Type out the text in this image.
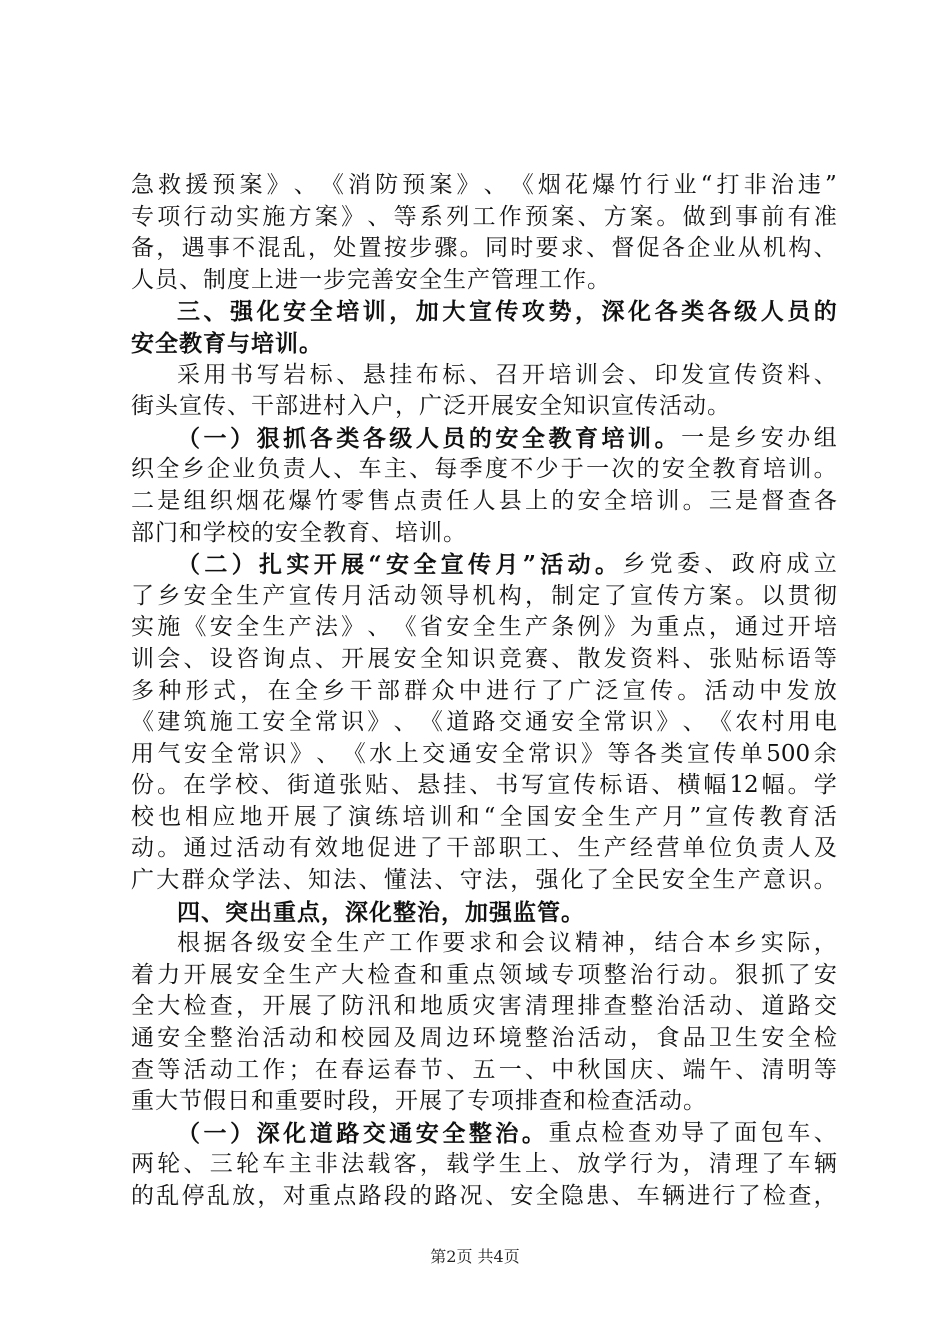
急 救 援 预 案 》 、 《 消 防 预 案 》 、 《 烟 花 爆 竹 行 业 “ 打 非 治 违 ”
专 项 行 动 实 施 方 案 》 、 等 系 列 工 作 预 案 、 方 案 。 做 到 事 前 有 准
备 ， 遇 事 不 混 乱 ， 处 置 按 步 骤 。 同 时 要 求 、 督 促 各 企 业 从 机 构 、
人员、制度上进一步完善安全生产管理工作。
三 、 强 化 安 全 培 训 ， 加 大 宣 传 攻 势 ， 深 化 各 类 各 级 人 员 的
安全教育与培训。
采 用 书 写 岩 标 、 悬 挂 布 标 、 召 开 培 训 会 、 印 发 宣 传 资 料 、
街头宣传、干部进村入户，广泛开展安全知识宣传活动。
（ 一 ） 狠 抓 各 类 各 级 人 员 的 安 全 教 育 培 训 。 一 是 乡 安 办 组
织 全 乡 企 业 负 责 人 、 车 主 、 每 季 度 不 少 于 一 次 的 安 全 教 育 培 训 。
二 是 组 织 烟 花 爆 竹 零 售 点 责 任 人 县 上 的 安 全 培 训 。 三 是 督 查 各
部门和学校的安全教育、培训。
（ 二 ） 扎 实 开 展 “ 安 全 宣 传 月 ” 活 动 。 乡 党 委 、 政 府 成 立
了 乡 安 全 生 产 宣 传 月 活 动 领 导 机 构 ， 制 定 了 宣 传 方 案 。 以 贯 彻
实 施 《 安 全 生 产 法 》 、 《 省 安 全 生 产 条 例 》 为 重 点 ， 通 过 开 培
训 会 、 设 咨 询 点 、 开 展 安 全 知 识 竞 赛 、 散 发 资 料 、 张 贴 标 语 等
多 种 形 式 ， 在 全 乡 干 部 群 众 中 进 行 了 广 泛 宣 传 。 活 动 中 发 放
《 建 筑 施 工 安 全 常 识 》 、 《 道 路 交 通 安 全 常 识 》 、 《 农 村 用 电
用 气 安 全 常 识 》 、 《 水 上 交 通 安 全 常 识 》 等 各 类 宣 传 单 500 余
份 。 在 学 校 、 街 道 张 贴 、 悬 挂 、 书 写 宣 传 标 语 、 横 幅 12 幅 。 学
校 也 相 应 地 开 展 了 演 练 培 训 和 “ 全 国 安 全 生 产 月 ” 宣 传 教 育 活
动 。 通 过 活 动 有 效 地 促 进 了 干 部 职 工 、 生 产 经 营 单 位 负 责 人 及
广 大 群 众 学 法 、 知 法 、 懂 法 、 守 法 ， 强 化 了 全 民 安 全 生 产 意 识 。
四、突出重点，深化整治，加强监管。
根 据 各 级 安 全 生 产 工 作 要 求 和 会 议 精 神 ， 结 合 本 乡 实 际 ，
着 力 开 展 安 全 生 产 大 检 查 和 重 点 领 域 专 项 整 治 行 动 。 狠 抓 了 安
全 大 检 查 ， 开 展 了 防 汛 和 地 质 灾 害 清 理 排 查 整 治 活 动 、 道 路 交
通 安 全 整 治 活 动 和 校 园 及 周 边 环 境 整 治 活 动 ， 食 品 卫 生 安 全 检
查 等 活 动 工 作 ； 在 春 运 春 节 、 五 一 、 中 秋 国 庆 、 端 午 、 清 明 等
重大节假日和重要时段，开展了专项排查和检查活动。
（ 一 ） 深 化 道 路 交 通 安 全 整 治 。 重 点 检 查 劝 导 了 面 包 车 、
两 轮 、 三 轮 车 主 非 法 载 客 ， 载 学 生 上 、 放 学 行 为 ， 清 理 了 车 辆
的 乱 停 乱 放 ， 对 重 点 路 段 的 路 况 、 安 全 隐 患 、 车 辆 进 行 了 检 查 ，
第2页 共4页
